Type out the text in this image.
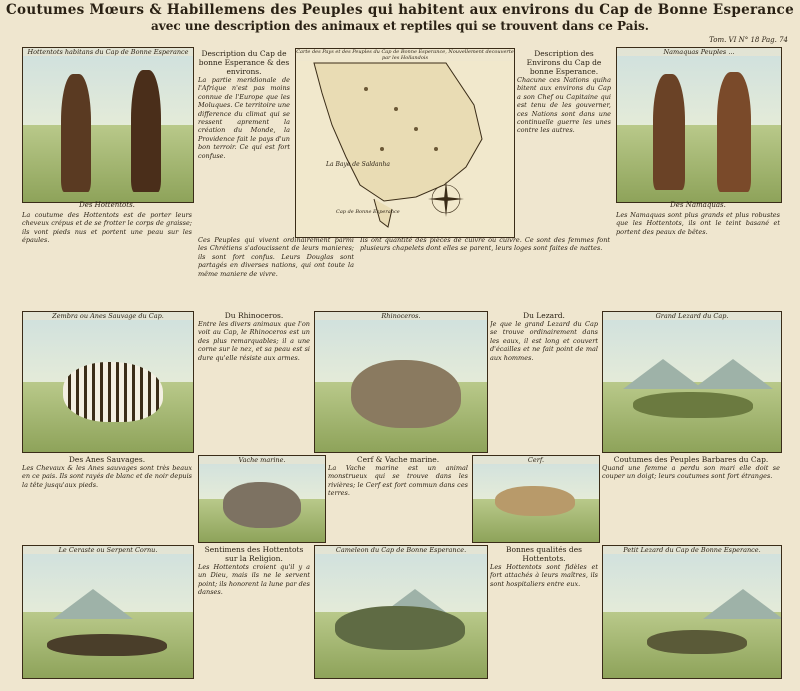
Coutumes Mœurs & Habillemens des Peuples qui habitent aux environs du Cap de Bonne Esperance
avec une description des animaux et reptiles qui se trouvent dans ce Pais.
Tom. VI N° 18 Pag. 74
Hottentots habitans du Cap de Bonne Esperance
Des Hottentots.
Description du Cap de bonne Esperance & des environs.
La partie meridionale de l'Afrique n'est pas moins connue de l'Europe que les Moluques. Ce territoire une difference du climat qui se ressent aprement la création du Monde, la Providence fait le pays d'un bon terroir. Ce qui est fort confuse.
Carte des Pays et des Peuples du Cap de Bonne Esperance, Nouvellement decouverte par les Hollandois
La Baye de Saldanha
Cap de Bonne Esperance
Description des Environs du Cap de bonne Esperance.
Chacune ces Nations quiha bitent aux environs du Cap a son Chef ou Capitaine qui est tenu de les gouverner, ces Nations sont dans une continuelle guerre les unes contre les autres.
Namaquas Peuples ...
Des Namaquas.
La coutume des Hottentots est de porter leurs cheveux crépus et de se frotter le corps de graisse; ils vont pieds nus et portent une peau sur les épaules.	Ces Peuples qui vivent ordinairement parmi les Chrétiens s'adoucissent de leurs manieres; ils sont fort confus. Leurs Douglas sont partagés en diverses nations, qui ont toute la même maniere de vivre.
Ils ont quantité des pièces de cuivre ou cuivre. Ce sont des femmes font plusieurs chapelets dont elles se parent, leurs loges sont faites de nattes.
Les Namaquas sont plus grands et plus robustes que les Hottentots, ils ont le teint basané et portent des peaux de bêtes.
Zembra ou Anes Sauvage du Cap.	Du Rhinoceros.
Entre les divers animaux que l'on voit au Cap, le Rhinoceros est un des plus remarquables; il a une corne sur le nez, et sa peau est si dure qu'elle résiste aux armes.
Rhinoceros.	Du Lezard.
Je que le grand Lezard du Cap se trouve ordinairement dans les eaux, il est long et couvert d'écailles et ne fait point de mal aux hommes.
Grand Lezard du Cap.
Des Anes Sauvages.
Les Chevaux & les Anes sauvages sont très beaux en ce pais. Ils sont rayés de blanc et de noir depuis la tête jusqu'aux pieds.
Vache marine.	Cerf & Vache marine.
La Vache marine est un animal monstrueux qui se trouve dans les rivières; le Cerf est fort commun dans ces terres.
Cerf.	Coutumes des Peuples Barbares du Cap.
Quand une femme a perdu son mari elle doit se couper un doigt; leurs coutumes sont fort étranges.
Le Ceraste ou Serpent Cornu.	Sentimens des Hottentots sur la Religion.
Les Hottentots croient qu'il y a un Dieu, mais ils ne le servent point; ils honorent la lune par des danses.
Cameleon du Cap de Bonne Esperance.	Bonnes qualités des Hottentots.
Les Hottentots sont fidèles et fort attachés à leurs maîtres, ils sont hospitaliers entre eux.
Petit Lezard du Cap de Bonne Esperance.
